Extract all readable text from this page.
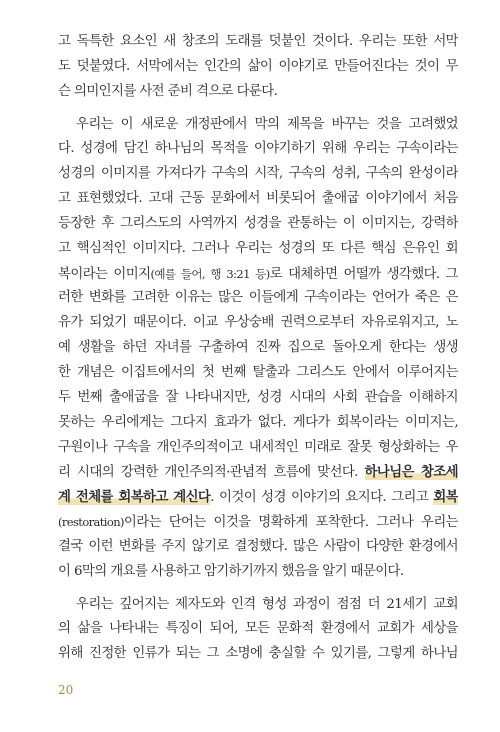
고 독특한 요소인 새 창조의 도래를 덧붙인 것이다. 우리는 또한 서막
도 덧붙였다. 서막에서는 인간의 삶이 이야기로 만들어진다는 것이 무
슨 의미인지를 사전 준비 격으로 다룬다.
우리는 이 새로운 개정판에서 막의 제목을 바꾸는 것을 고려했었
다. 성경에 담긴 하나님의 목적을 이야기하기 위해 우리는 구속이라는
성경의 이미지를 가져다가 구속의 시작, 구속의 성취, 구속의 완성이라
고 표현했었다. 고대 근동 문화에서 비롯되어 출애굽 이야기에서 처음
등장한 후 그리스도의 사역까지 성경을 관통하는 이 이미지는, 강력하
고 핵심적인 이미지다. 그러나 우리는 성경의 또 다른 핵심 은유인 회
복이라는 이미지(예를 들어, 행 3:21 등)로 대체하면 어떨까 생각했다. 그
러한 변화를 고려한 이유는 많은 이들에게 구속이라는 언어가 죽은 은
유가 되었기 때문이다. 이교 우상숭배 권력으로부터 자유로워지고, 노
예 생활을 하던 자녀를 구출하여 진짜 집으로 돌아오게 한다는 생생
한 개념은 이집트에서의 첫 번째 탈출과 그리스도 안에서 이루어지는
두 번째 출애굽을 잘 나타내지만, 성경 시대의 사회 관습을 이해하지
못하는 우리에게는 그다지 효과가 없다. 게다가 회복이라는 이미지는,
구원이나 구속을 개인주의적이고 내세적인 미래로 잘못 형상화하는 우
리 시대의 강력한 개인주의적·관념적 흐름에 맞선다. 하나님은 창조세
계 전체를 회복하고 계신다. 이것이 성경 이야기의 요지다. 그리고 회복
(restoration)이라는 단어는 이것을 명확하게 포착한다. 그러나 우리는
결국 이런 변화를 주지 않기로 결정했다. 많은 사람이 다양한 환경에서
이 6막의 개요를 사용하고 암기하기까지 했음을 알기 때문이다.
우리는 깊어지는 제자도와 인격 형성 과정이 점점 더 21세기 교회
의 삶을 나타내는 특징이 되어, 모든 문화적 환경에서 교회가 세상을
위해 진정한 인류가 되는 그 소명에 충실할 수 있기를, 그렇게 하나님
20
